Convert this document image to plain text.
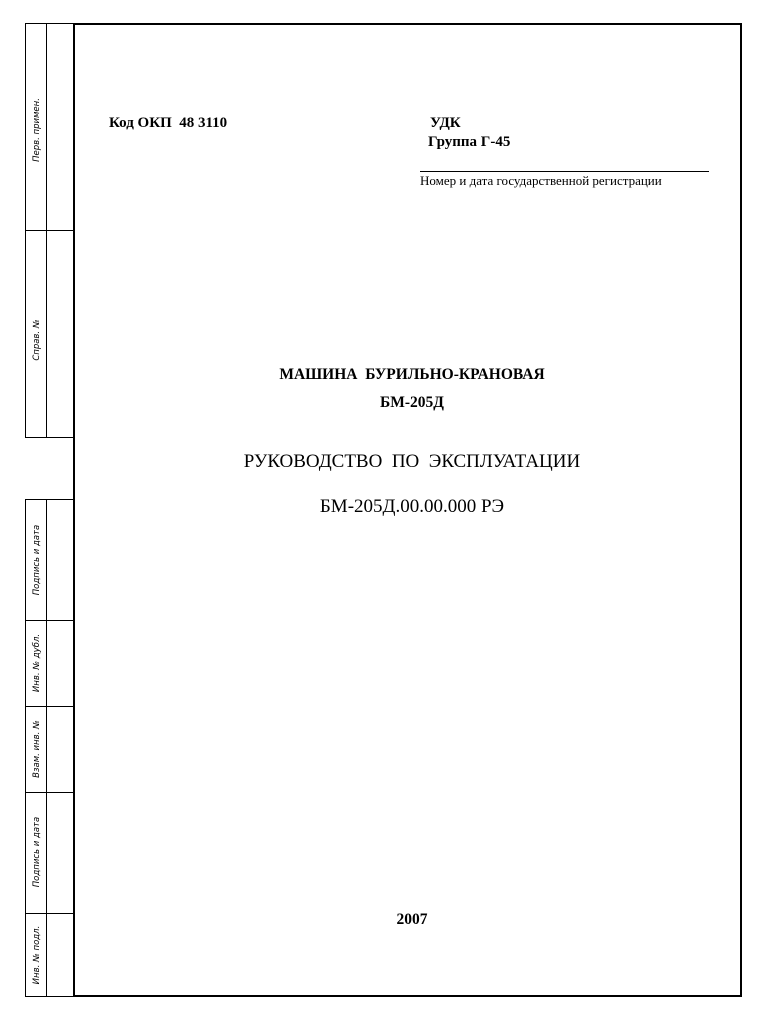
Перв. примен.
Справ. №
Подпись и дата
Инв. № дубл.
Взам. инв. №
Подпись и дата
Инв. № подл.
Код ОКП  48 3110	УДК
Группа Г-45
Номер и дата государственной регистрации
МАШИНА  БУРИЛЬНО-КРАНОВАЯ
БМ-205Д
РУКОВОДСТВО  ПО  ЭКСПЛУАТАЦИИ
БМ-205Д.00.00.000 РЭ
2007
